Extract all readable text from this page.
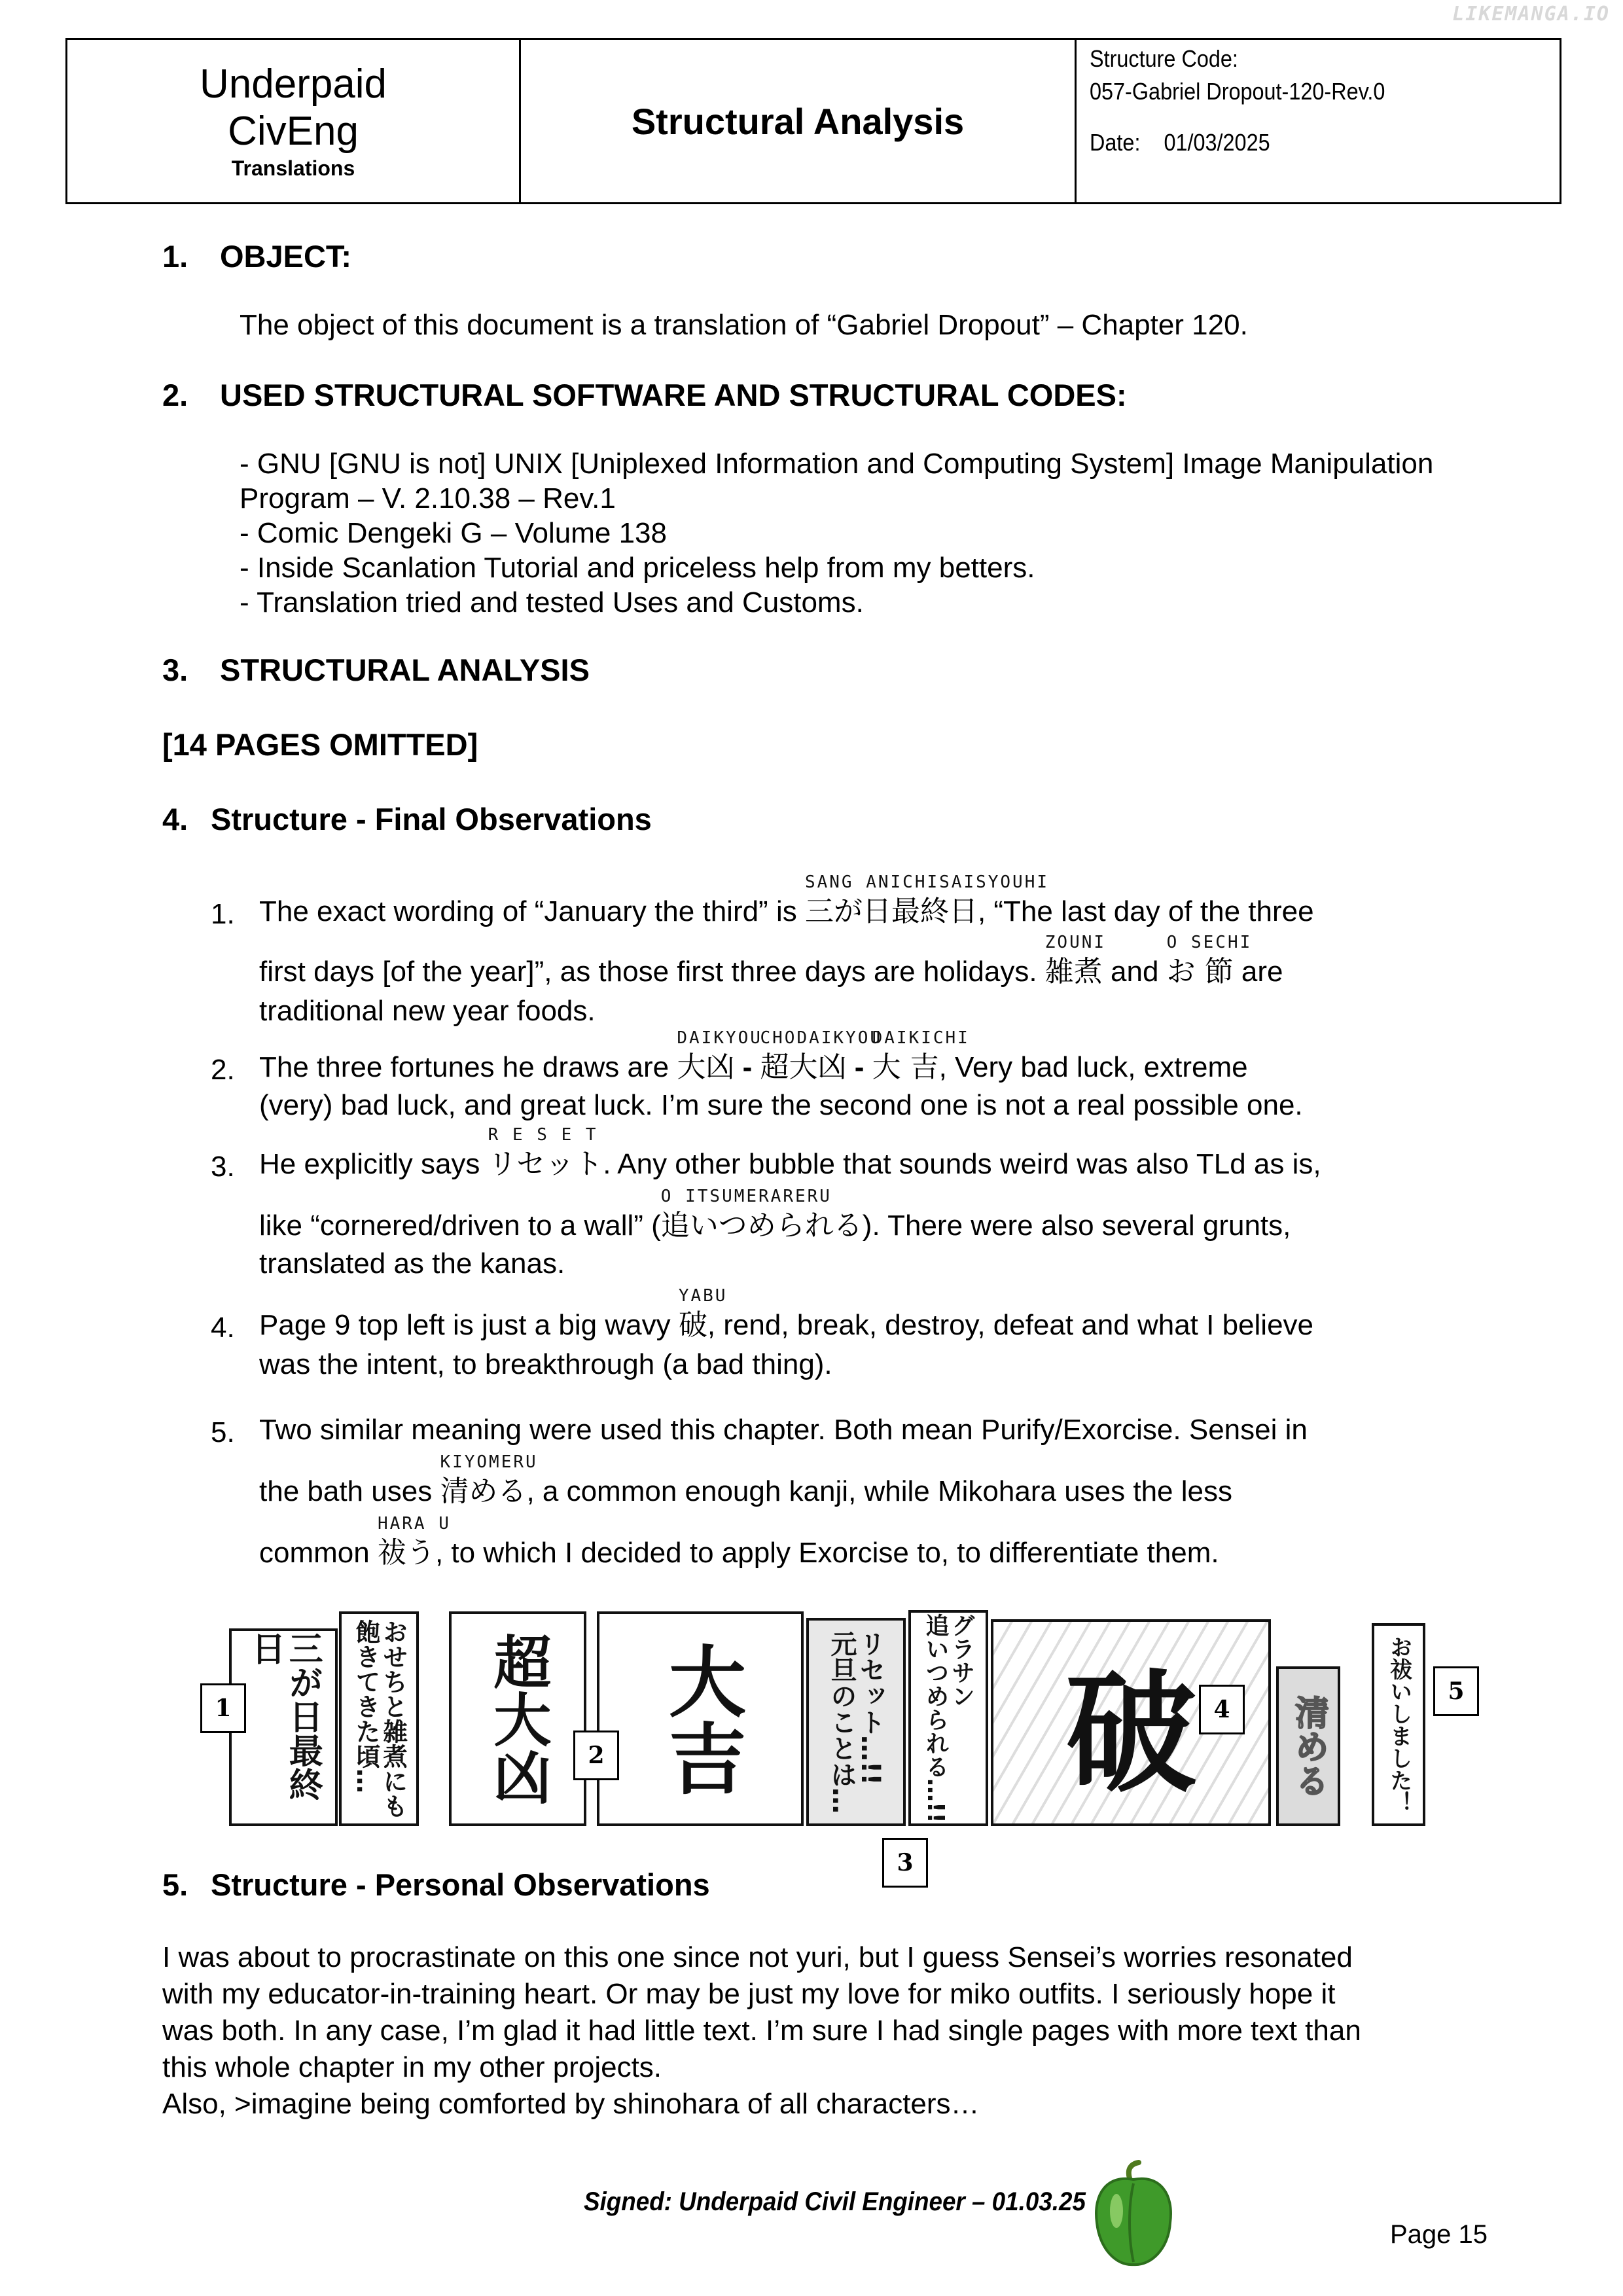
LIKEMANGA.IO
Underpaid
CivEng
Translations
Structural Analysis
Structure Code:
057-Gabriel Dropout-120-Rev.0
Date: 01/03/2025
1. OBJECT:
The object of this document is a translation of “Gabriel Dropout” – Chapter 120.
2. USED STRUCTURAL SOFTWARE AND STRUCTURAL CODES:
- GNU [GNU is not] UNIX [Uniplexed Information and Computing System] Image Manipulation
Program – V. 2.10.38 – Rev.1
- Comic Dengeki G – Volume 138
- Inside Scanlation Tutorial and priceless help from my betters.
- Translation tried and tested Uses and Customs.
3. STRUCTURAL ANALYSIS
[14 PAGES OMITTED]
4. Structure - Final Observations
1. The exact wording of “January the third” is
SANG ANICHISAISYOUHI
三が日最終日, “The last day of the three
first days [of the year]”, as those first three days are holidays.
ZOUNI
雑煮 and
O SECHI
お 節 are
traditional new year foods.
2. The three fortunes he draws are
DAIKYOU
大凶 -
CHODAIKYOU
超大凶 -
DAIKICHI
大 吉, Very bad luck, extreme
(very) bad luck, and great luck. I’m sure the second one is not a real possible one.
3. He explicitly says
R E S E T
リセット. Any other bubble that sounds weird was also TLd as is,
like “cornered/driven to a wall” (
O ITSUMERARERU
追いつめられる). There were also several grunts,
translated as the kanas.
4. Page 9 top left is just a big wavy
YABU
破, rend, break, destroy, defeat and what I believe
was the intent, to breakthrough (a bad thing).
5. Two similar meaning were used this chapter. Both mean Purify/Exorcise. Sensei in
the bath uses
KIYOMERU
清める, a common enough kanji, while Mikohara uses the less
common
HARA U
祓う, to which I decided to apply Exorcise to, to differentiate them.
三が日最終日	おせちと雑煮にも
飽きてきた頃…	超大凶 大吉	リセット…!!
元旦のことは…	グラサン
追いつめられる…!! 破	清める	お祓いしました！
1
2
3
4
5
5. Structure - Personal Observations
I was about to procrastinate on this one since not yuri, but I guess Sensei’s worries resonated
with my educator-in-training heart. Or may be just my love for miko outfits. I seriously hope it
was both. In any case, I’m glad it had little text. I’m sure I had single pages with more text than
this whole chapter in my other projects.
Also, >imagine being comforted by shinohara of all characters…
Signed: Underpaid Civil Engineer – 01.03.25
Page 15
